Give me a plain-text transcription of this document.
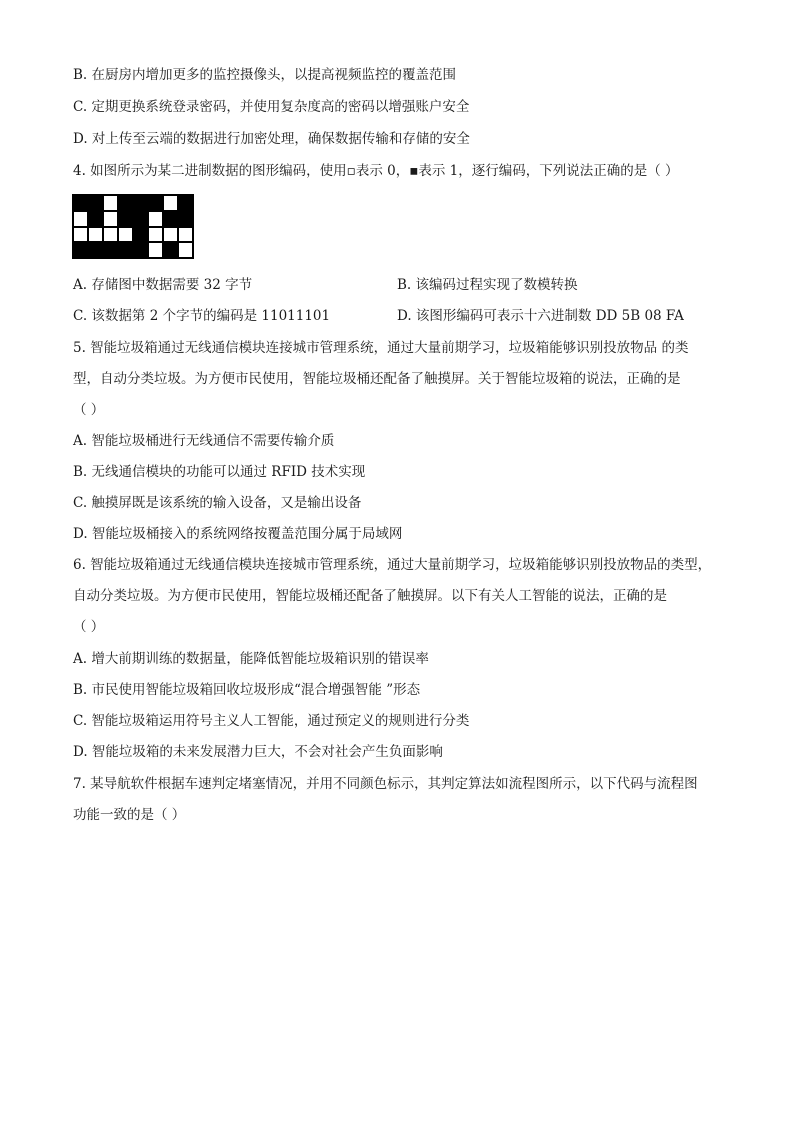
B. 在厨房内增加更多的监控摄像头，以提高视频监控的覆盖范围
C. 定期更换系统登录密码，并使用复杂度高的密码以增强账户安全
D. 对上传至云端的数据进行加密处理，确保数据传输和存储的安全
4. 如图所示为某二进制数据的图形编码，使用▫表示 0，▪表示 1，逐行编码，下列说法正确的是（ ）
A. 存储图中数据需要 32 字节	B. 该编码过程实现了数模转换
C. 该数据第 2 个字节的编码是 11011101	D. 该图形编码可表示十六进制数 DD 5B 08 FA
5. 智能垃圾箱通过无线通信模块连接城市管理系统，通过大量前期学习，垃圾箱能够识别投放物品 的类
型，自动分类垃圾。为方便市民使用，智能垃圾桶还配备了触摸屏。关于智能垃圾箱的说法，正确的是
（ ）
A. 智能垃圾桶进行无线通信不需要传输介质
B. 无线通信模块的功能可以通过 RFID 技术实现
C. 触摸屏既是该系统的输入设备，又是输出设备
D. 智能垃圾桶接入的系统网络按覆盖范围分属于局域网
6. 智能垃圾箱通过无线通信模块连接城市管理系统，通过大量前期学习，垃圾箱能够识别投放物品的类型，
自动分类垃圾。为方便市民使用，智能垃圾桶还配备了触摸屏。以下有关人工智能的说法，正确的是
（ ）
A. 增大前期训练的数据量，能降低智能垃圾箱识别的错误率
B. 市民使用智能垃圾箱回收垃圾形成“混合增强智能 ”形态
C. 智能垃圾箱运用符号主义人工智能，通过预定义的规则进行分类
D. 智能垃圾箱的未来发展潜力巨大，不会对社会产生负面影响
7. 某导航软件根据车速判定堵塞情况，并用不同颜色标示，其判定算法如流程图所示，以下代码与流程图
功能一致的是（ ）
